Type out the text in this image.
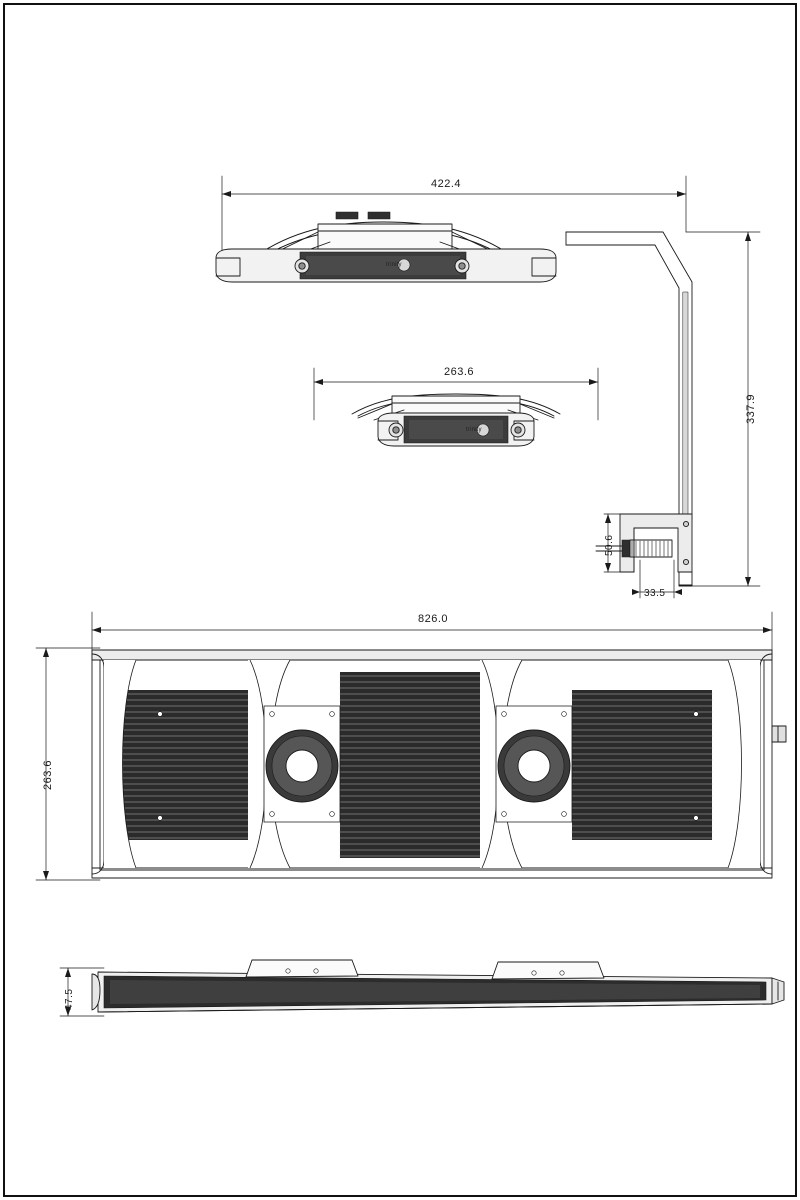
422.4
337.9
263.6
50.6
33.5
826.0
263.6
47.5
trinity
trinity
